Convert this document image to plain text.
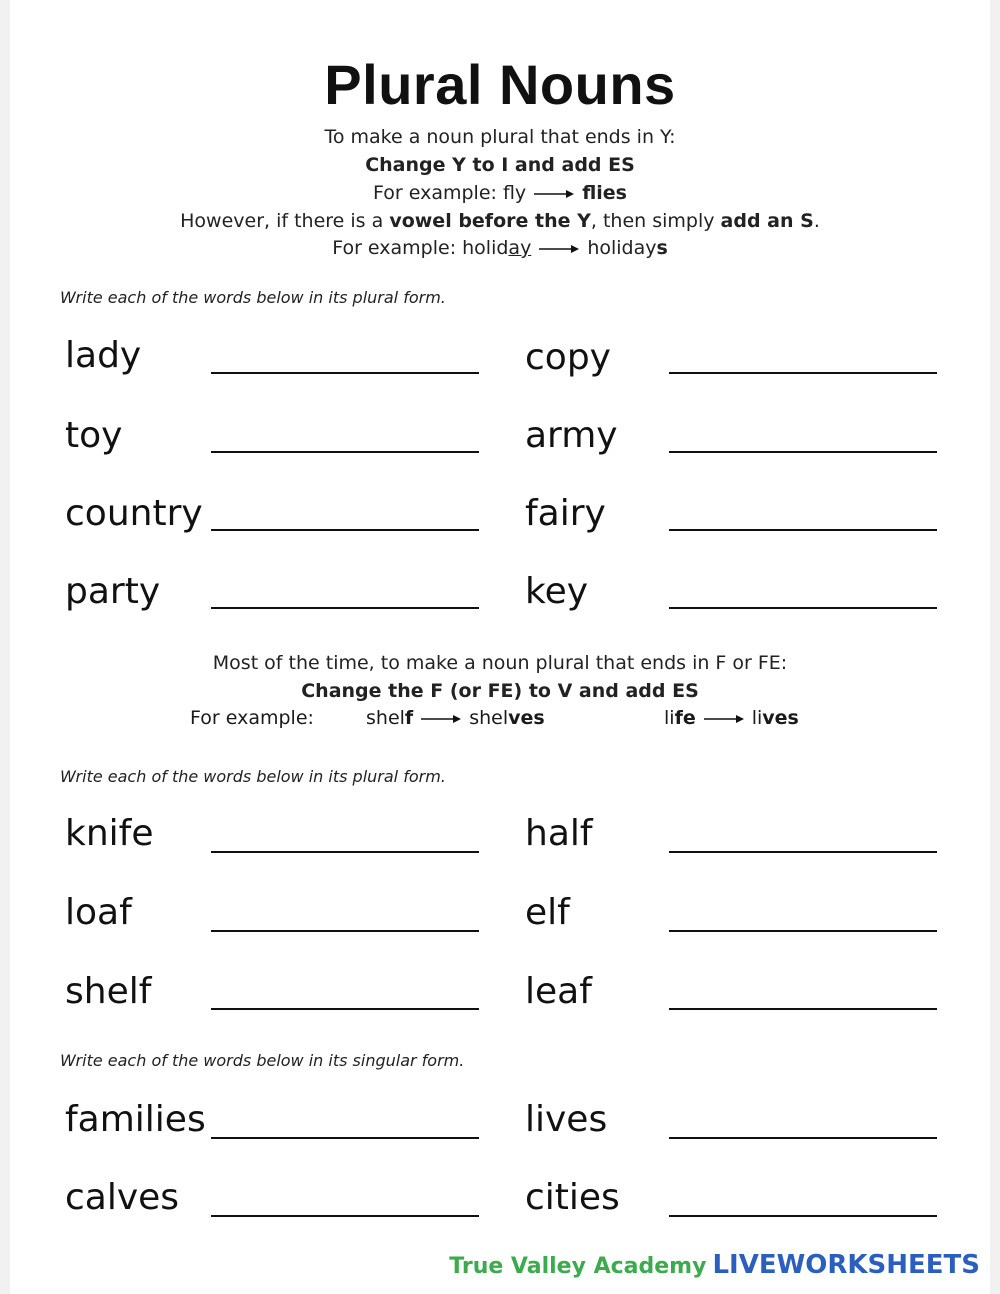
Plural Nouns
To make a noun plural that ends in Y:
Change Y to I and add ES
For example: fly	flies
However, if there is a vowel before the Y, then simply add an S.
For example: holiday	holidays
Write each of the words below in its plural form.
lady	copy
toy	army
country	fairy
party	key
Most of the time, to make a noun plural that ends in F or FE:
Change the F (or FE) to V and add ES
For example:	shelf	shelves	life	lives
Write each of the words below in its plural form.
knife	half
loaf	elf
shelf	leaf
Write each of the words below in its singular form.
families	lives
calves	cities
True Valley Academy LIVEWORKSHEETS
